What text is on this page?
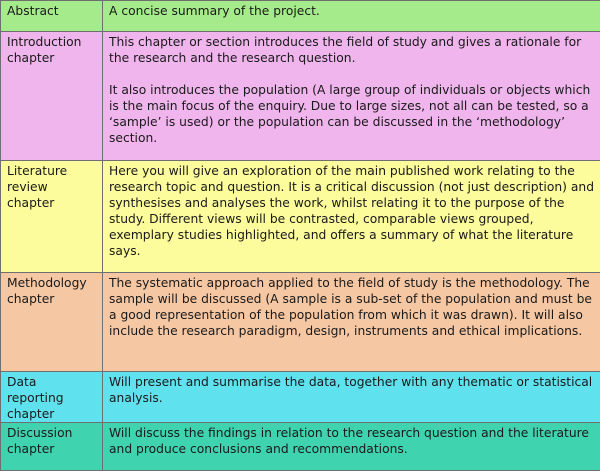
Abstract	A concise summary of the project.

Introduction chapter	This chapter or section introduces the field of study and gives a rationale for the research and the research question.

It also introduces the population (A large group of individuals or objects which is the main focus of the enquiry. Due to large sizes, not all can be tested, so a ‘sample’ is used) or the population can be discussed in the ‘methodology’ section.

Literature review chapter	Here you will give an exploration of the main published work relating to the research topic and question. It is a critical discussion (not just description) and synthesises and analyses the work, whilst relating it to the purpose of the study. Different views will be contrasted, comparable views grouped, exemplary studies highlighted, and offers a summary of what the literature says.

Methodology chapter	The systematic approach applied to the field of study is the methodology. The sample will be discussed (A sample is a sub-set of the population and must be a good representation of the population from which it was drawn). It will also include the research paradigm, design, instruments and ethical implications.

Data reporting chapter	Will present and summarise the data, together with any thematic or statistical analysis.

Discussion chapter	Will discuss the findings in relation to the research question and the literature and produce conclusions and recommendations.
